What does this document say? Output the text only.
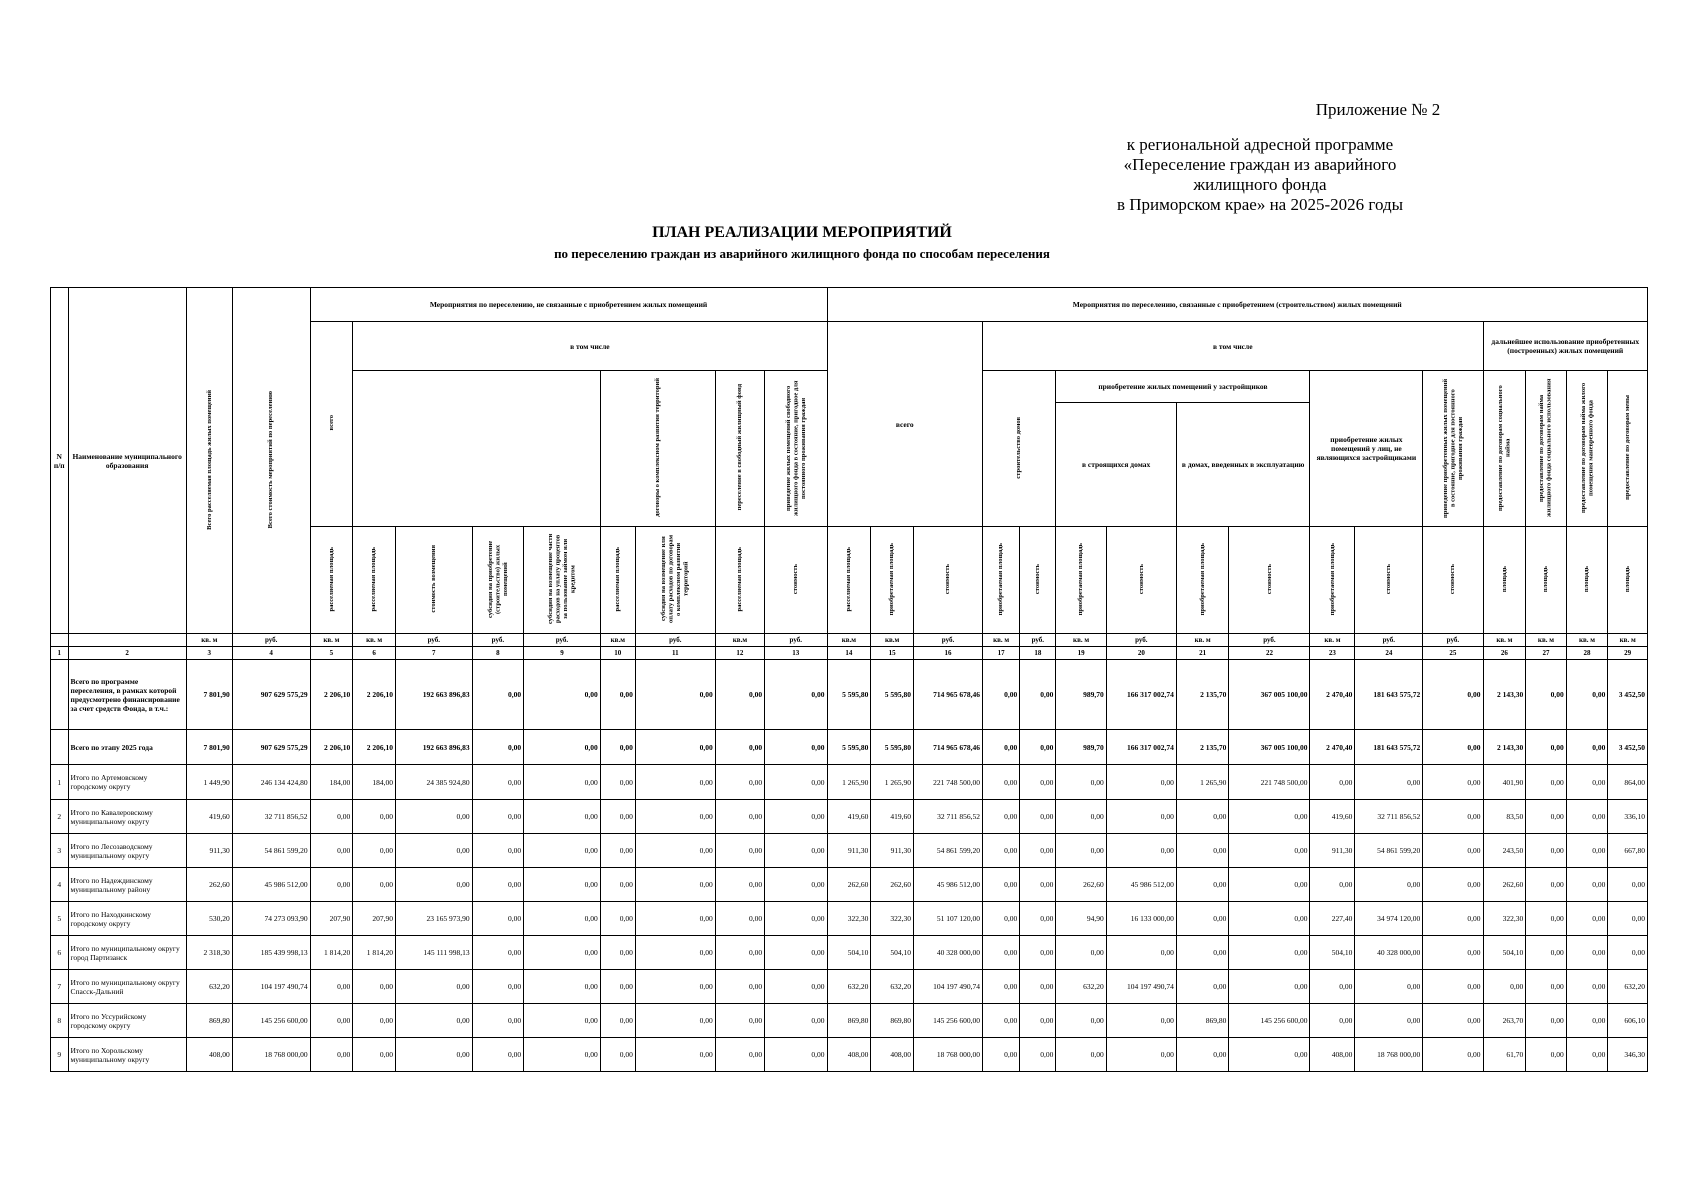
Приложение № 2
к региональной адресной программе
«Переселение граждан из аварийного
жилищного фонда
в Приморском крае» на 2025-2026 годы
ПЛАН РЕАЛИЗАЦИИ МЕРОПРИЯТИЙ
по переселению граждан из аварийного жилищного фонда по способам переселения
N п/п	Наименование муниципального образования	Всего расселяемая площадь жилых помещений	Всего стоимость мероприятий по переселению	Мероприятия по переселению, не связанные с приобретением жилых помещений									Мероприятия по переселению, связанные с приобретением (строительством) жилых помещений															
				всего	в том числе								всего			в том числе									дальнейшее использование приобретенных (построенных) жилых помещений			
									договоры о комплексном развитии территорий		переселение в свободный жилищный фонд	приведение жилых помещений свободного жилищного фонда в состояние, пригодное для постоянного проживания граждан				строительство домов		приобретение жилых помещений у застройщиков				приобретение жилых помещений у лиц, не являющихся застройщиками		приведение приобретенных жилых помещений в состояние, пригодное для постоянного проживания граждан	предоставление по договорам социального найма	предоставление по договорам найма жилищного фонда социального использования	предоставление по договорам найма жилого помещения маневренного фонда	предоставление по договорам мены
																		в строящихся домах		в домах, введенных в эксплуатацию								
				расселяемая площадь	расселяемая площадь	стоимость возмещения	субсидия на приобретение (строительство) жилых помещений	субсидия на возмещение части расходов на уплату процентов за пользование займом или кредитом	расселяемая площадь	субсидия на возмещение или оплату расходов по договорам о комплексном развитии территорий	расселяемая площадь	стоимость	расселяемая площадь	приобретаемая площадь	стоимость	приобретаемая площадь	стоимость	приобретаемая площадь	стоимость	приобретаемая площадь	стоимость	приобретаемая площадь	стоимость	стоимость	площадь	площадь	площадь	площадь

		кв. м	руб.	кв. м	кв. м	руб.	руб.	руб.	кв.м	руб.	кв.м	руб.	кв.м	кв.м	руб.	кв. м	руб.	кв. м	руб.	кв. м	руб.	кв. м	руб.	руб.	кв. м	кв. м	кв. м	кв. м
1	2	3	4	5	6	7	8	9	10	11	12	13	14	15	16	17	18	19	20	21	22	23	24	25	26	27	28	29
	Всего по программе переселения, в рамках которой предусмотрено финансирование за счет средств Фонда, в т.ч.:	7 801,90	907 629 575,29	2 206,10	2 206,10	192 663 896,83	0,00	0,00	0,00	0,00	0,00	0,00	5 595,80	5 595,80	714 965 678,46	0,00	0,00	989,70	166 317 002,74	2 135,70	367 005 100,00	2 470,40	181 643 575,72	0,00	2 143,30	0,00	0,00	3 452,50
	Всего по этапу 2025 года	7 801,90	907 629 575,29	2 206,10	2 206,10	192 663 896,83	0,00	0,00	0,00	0,00	0,00	0,00	5 595,80	5 595,80	714 965 678,46	0,00	0,00	989,70	166 317 002,74	2 135,70	367 005 100,00	2 470,40	181 643 575,72	0,00	2 143,30	0,00	0,00	3 452,50
1	Итого по Артемовскому городскому округу	1 449,90	246 134 424,80	184,00	184,00	24 385 924,80	0,00	0,00	0,00	0,00	0,00	0,00	1 265,90	1 265,90	221 748 500,00	0,00	0,00	0,00	0,00	1 265,90	221 748 500,00	0,00	0,00	0,00	401,90	0,00	0,00	864,00
2	Итого по Кавалеровскому муниципальному округу	419,60	32 711 856,52	0,00	0,00	0,00	0,00	0,00	0,00	0,00	0,00	0,00	419,60	419,60	32 711 856,52	0,00	0,00	0,00	0,00	0,00	0,00	419,60	32 711 856,52	0,00	83,50	0,00	0,00	336,10
3	Итого по Лесозаводскому муниципальному округу	911,30	54 861 599,20	0,00	0,00	0,00	0,00	0,00	0,00	0,00	0,00	0,00	911,30	911,30	54 861 599,20	0,00	0,00	0,00	0,00	0,00	0,00	911,30	54 861 599,20	0,00	243,50	0,00	0,00	667,80
4	Итого по Надеждинскому муниципальному району	262,60	45 986 512,00	0,00	0,00	0,00	0,00	0,00	0,00	0,00	0,00	0,00	262,60	262,60	45 986 512,00	0,00	0,00	262,60	45 986 512,00	0,00	0,00	0,00	0,00	0,00	262,60	0,00	0,00	0,00
5	Итого по Находкинскому городскому округу	530,20	74 273 093,90	207,90	207,90	23 165 973,90	0,00	0,00	0,00	0,00	0,00	0,00	322,30	322,30	51 107 120,00	0,00	0,00	94,90	16 133 000,00	0,00	0,00	227,40	34 974 120,00	0,00	322,30	0,00	0,00	0,00
6	Итого по муниципальному округу город Партизанск	2 318,30	185 439 998,13	1 814,20	1 814,20	145 111 998,13	0,00	0,00	0,00	0,00	0,00	0,00	504,10	504,10	40 328 000,00	0,00	0,00	0,00	0,00	0,00	0,00	504,10	40 328 000,00	0,00	504,10	0,00	0,00	0,00
7	Итого по муниципальному округу Спасск-Дальний	632,20	104 197 490,74	0,00	0,00	0,00	0,00	0,00	0,00	0,00	0,00	0,00	632,20	632,20	104 197 490,74	0,00	0,00	632,20	104 197 490,74	0,00	0,00	0,00	0,00	0,00	0,00	0,00	0,00	632,20
8	Итого по Уссурийскому городскому округу	869,80	145 256 600,00	0,00	0,00	0,00	0,00	0,00	0,00	0,00	0,00	0,00	869,80	869,80	145 256 600,00	0,00	0,00	0,00	0,00	869,80	145 256 600,00	0,00	0,00	0,00	263,70	0,00	0,00	606,10
9	Итого по Хорольскому муниципальному округу	408,00	18 768 000,00	0,00	0,00	0,00	0,00	0,00	0,00	0,00	0,00	0,00	408,00	408,00	18 768 000,00	0,00	0,00	0,00	0,00	0,00	0,00	408,00	18 768 000,00	0,00	61,70	0,00	0,00	346,30
